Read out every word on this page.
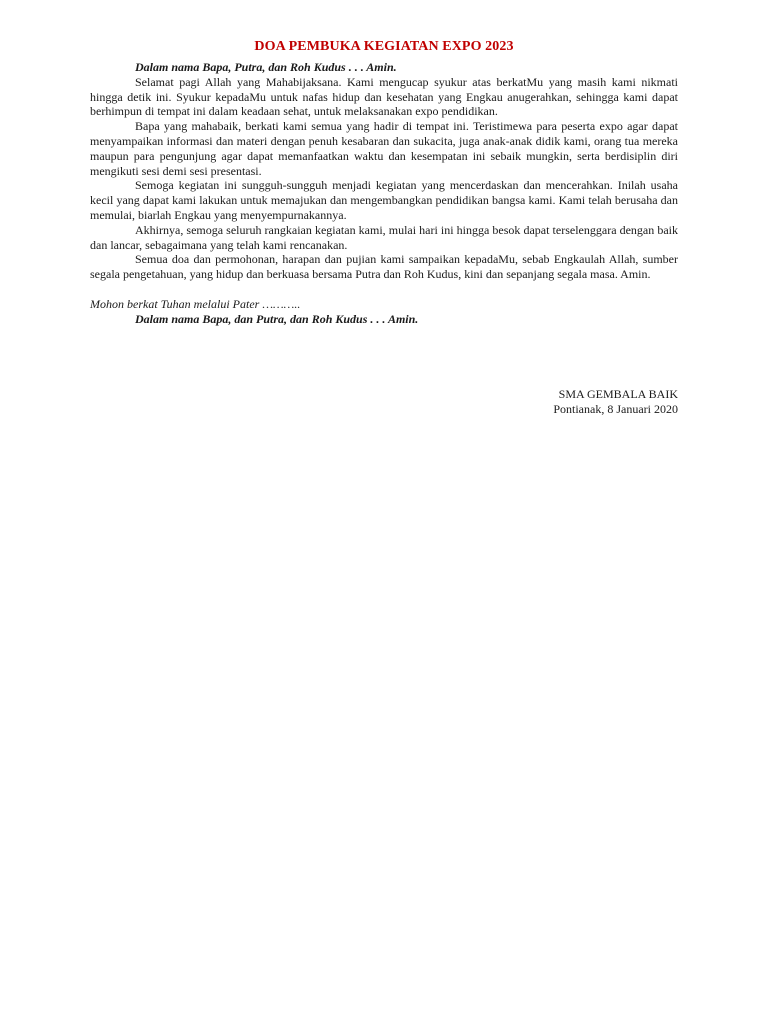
DOA PEMBUKA KEGIATAN EXPO 2023

Dalam nama Bapa, Putra, dan Roh Kudus . . . Amin.

Selamat pagi Allah yang Mahabijaksana. Kami mengucap syukur atas berkatMu yang masih kami nikmati hingga detik ini. Syukur kepadaMu untuk nafas hidup dan kesehatan yang Engkau anugerahkan, sehingga kami dapat berhimpun di tempat ini dalam keadaan sehat, untuk melaksanakan expo pendidikan.

Bapa yang mahabaik, berkati kami semua yang hadir di tempat ini. Teristimewa para peserta expo agar dapat menyampaikan informasi dan materi dengan penuh kesabaran dan sukacita, juga anak-anak didik kami, orang tua mereka maupun para pengunjung agar dapat memanfaatkan waktu dan kesempatan ini sebaik mungkin, serta berdisiplin diri mengikuti sesi demi sesi presentasi.

Semoga kegiatan ini sungguh-sungguh menjadi kegiatan yang mencerdaskan dan mencerahkan. Inilah usaha kecil yang dapat kami lakukan untuk memajukan dan mengembangkan pendidikan bangsa kami. Kami telah berusaha dan memulai, biarlah Engkau yang menyempurnakannya.

Akhirnya, semoga seluruh rangkaian kegiatan kami, mulai hari ini hingga besok dapat terselenggara dengan baik dan lancar, sebagaimana yang telah kami rencanakan.

Semua doa dan permohonan, harapan dan pujian kami sampaikan kepadaMu, sebab Engkaulah Allah, sumber segala pengetahuan, yang hidup dan berkuasa bersama Putra dan Roh Kudus, kini dan sepanjang segala masa. Amin.

Mohon berkat Tuhan melalui Pater ………..

Dalam nama Bapa, dan Putra, dan Roh Kudus . . . Amin.

SMA GEMBALA BAIK
Pontianak, 8 Januari 2020
